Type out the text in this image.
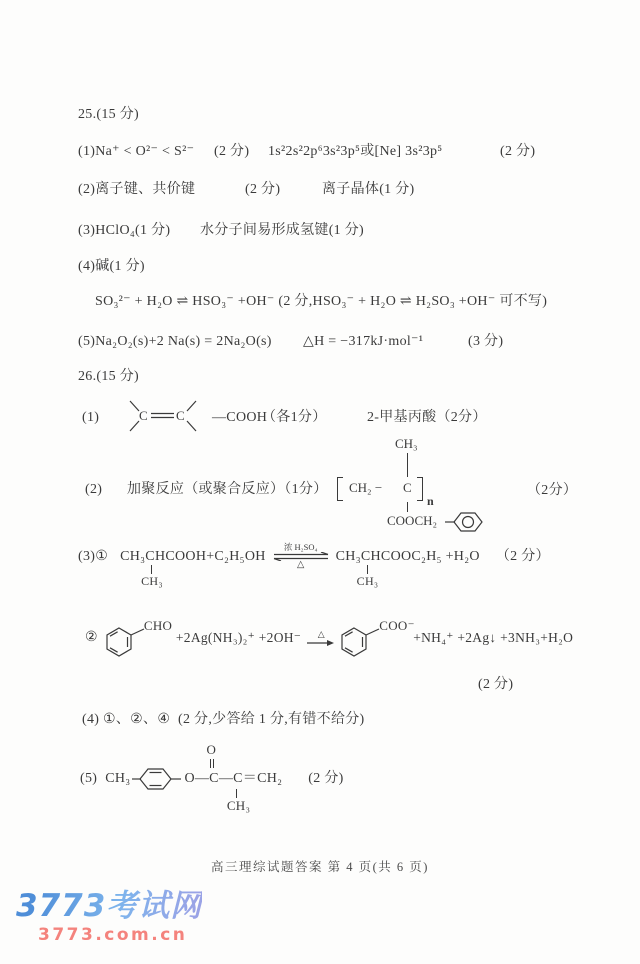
25.(15 分)
(1)Na⁺ < O²⁻ < S²⁻ (2 分) 1s²2s²2p⁶3s²3p⁵或[Ne] 3s²3p⁵	(2 分)
(2)离子键、共价键	(2 分)	离子晶体(1 分)
(3)HClO₄(1 分) 水分子间易形成氢键(1 分)
(4)碱(1 分)
SO₃²⁻ + H₂O ⇌ HSO₃⁻ +OH⁻ (2 分,HSO₃⁻ + H₂O ⇌ H₂SO₃ +OH⁻ 可不写)
(5)Na₂O₂(s)+2 Na(s) = 2Na₂O(s) △H = −317kJ·mol⁻¹	(3 分)
26.(15 分)
(1)	C C —COOH
（各1分）	2-甲基丙酸（2分）
(2) 加聚反应（或聚合反应）（1分）
CH₃
CH₂ − C
n
COOCH₂
（2分）
(3)① CH₃CHCOOH+C₂H₅OH
CH₃
浓 H₂SO₄
△
CH₃CHCOOC₂H₅ +H₂O
CH₃
（2 分）
②
CHO
+2Ag(NH₃)₂⁺ +2OH⁻ △
COO⁻
+NH₄⁺ +2Ag↓ +3NH₃+H₂O
(2 分)
(4) ①、②、④ (2 分,少答给 1 分,有错不给分)
(5) CH₃	O—C
O
—C＝CH₂
CH₃
(2 分)
高三理综试题答案 第 4 页(共 6 页)
3773考试网
3773.com.cn
